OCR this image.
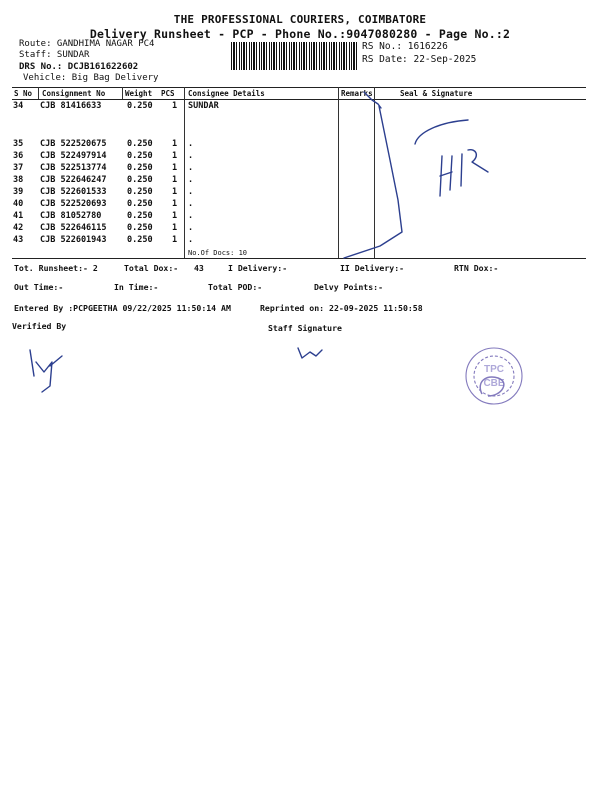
THE PROFESSIONAL COURIERS, COIMBATORE
Delivery Runsheet - PCP - Phone No.:9047080280 - Page No.:2
Route: GANDHIMA NAGAR PC4
Staff: SUNDAR
DRS No.: DCJB161622602
Vehicle: Big Bag Delivery
RS No.: 1616226
RS Date: 22-Sep-2025
S No Consignment No	Weight PCS Consignee Details	Remarks	Seal & Signature
34 CJB 81416633	0.250 1 SUNDAR
35 CJB 522520675 0.250 1 .
36 CJB 522497914 0.250 1 .
37 CJB 522513774 0.250 1 .
38 CJB 522646247 0.250 1 .
39 CJB 522601533 0.250 1 .
40 CJB 522520693 0.250 1 .
41 CJB 81052780	0.250 1 .
42 CJB 522646115 0.250 1 .
43 CJB 522601943 0.250 1 .
No.Of Docs: 10
Tot. Runsheet:- 2	Total Dox:- 43	I Delivery:-	II Delivery:-	RTN Dox:-
Out Time:-	In Time:-	Total POD:-	Delvy Points:-
Entered By :PCPGEETHA 09/22/2025 11:50:14 AM	Reprinted on: 22-09-2025 11:50:58
Verified By	Staff Signature
TPC
CBE
